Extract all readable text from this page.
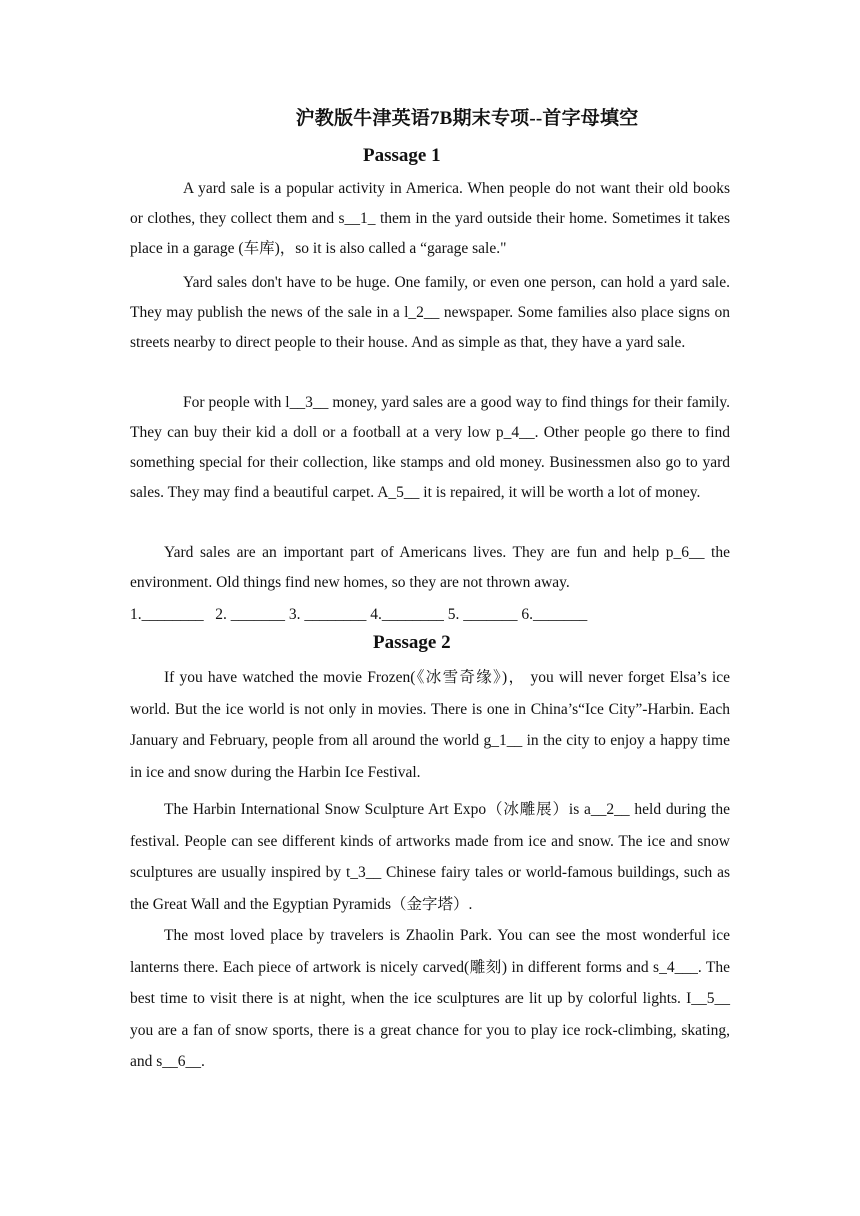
沪教版牛津英语7B期末专项--首字母填空
Passage 1
A yard sale is a popular activity in America. When people do not want their old books or clothes, they collect them and s__1_ them in the yard outside their home. Sometimes it takes place in a garage (车库)，so it is also called a “garage sale."
Yard sales don't have to be huge. One family, or even one person, can hold a yard sale. They may publish the news of the sale in a l_2__ newspaper. Some families also place signs on streets nearby to direct people to their house. And as simple as that, they have a yard sale.
For people with l__3__ money, yard sales are a good way to find things for their family. They can buy their kid a doll or a football at a very low p_4__. Other people go there to find something special for their collection, like stamps and old money. Businessmen also go to yard sales. They may find a beautiful carpet. A_5__ it is repaired, it will be worth a lot of money.
Yard sales are an important part of Americans lives. They are fun and help p_6__ the environment. Old things find new homes, so they are not thrown away.
1.________   2. _______ 3. ________ 4.________ 5. _______ 6._______
Passage 2
If you have watched the movie Frozen(《冰雪奇缘》)， you will never forget Elsa’s ice world. But the ice world is not only in movies. There is one in China’s“Ice City”-Harbin. Each January and February, people from all around the world g_1__ in the city to enjoy a happy time in ice and snow during the Harbin Ice Festival.
The Harbin International Snow Sculpture Art Expo（冰雕展）is a__2__ held during the festival. People can see different kinds of artworks made from ice and snow. The ice and snow sculptures are usually inspired by t_3__ Chinese fairy tales or world-famous buildings, such as the Great Wall and the Egyptian Pyramids（金字塔）.
The most loved place by travelers is Zhaolin Park. You can see the most wonderful ice lanterns there. Each piece of artwork is nicely carved(雕刻) in different forms and s_4___. The best time to visit there is at night, when the ice sculptures are lit up by colorful lights. I__5__ you are a fan of snow sports, there is a great chance for you to play ice rock-climbing, skating, and s__6__.
